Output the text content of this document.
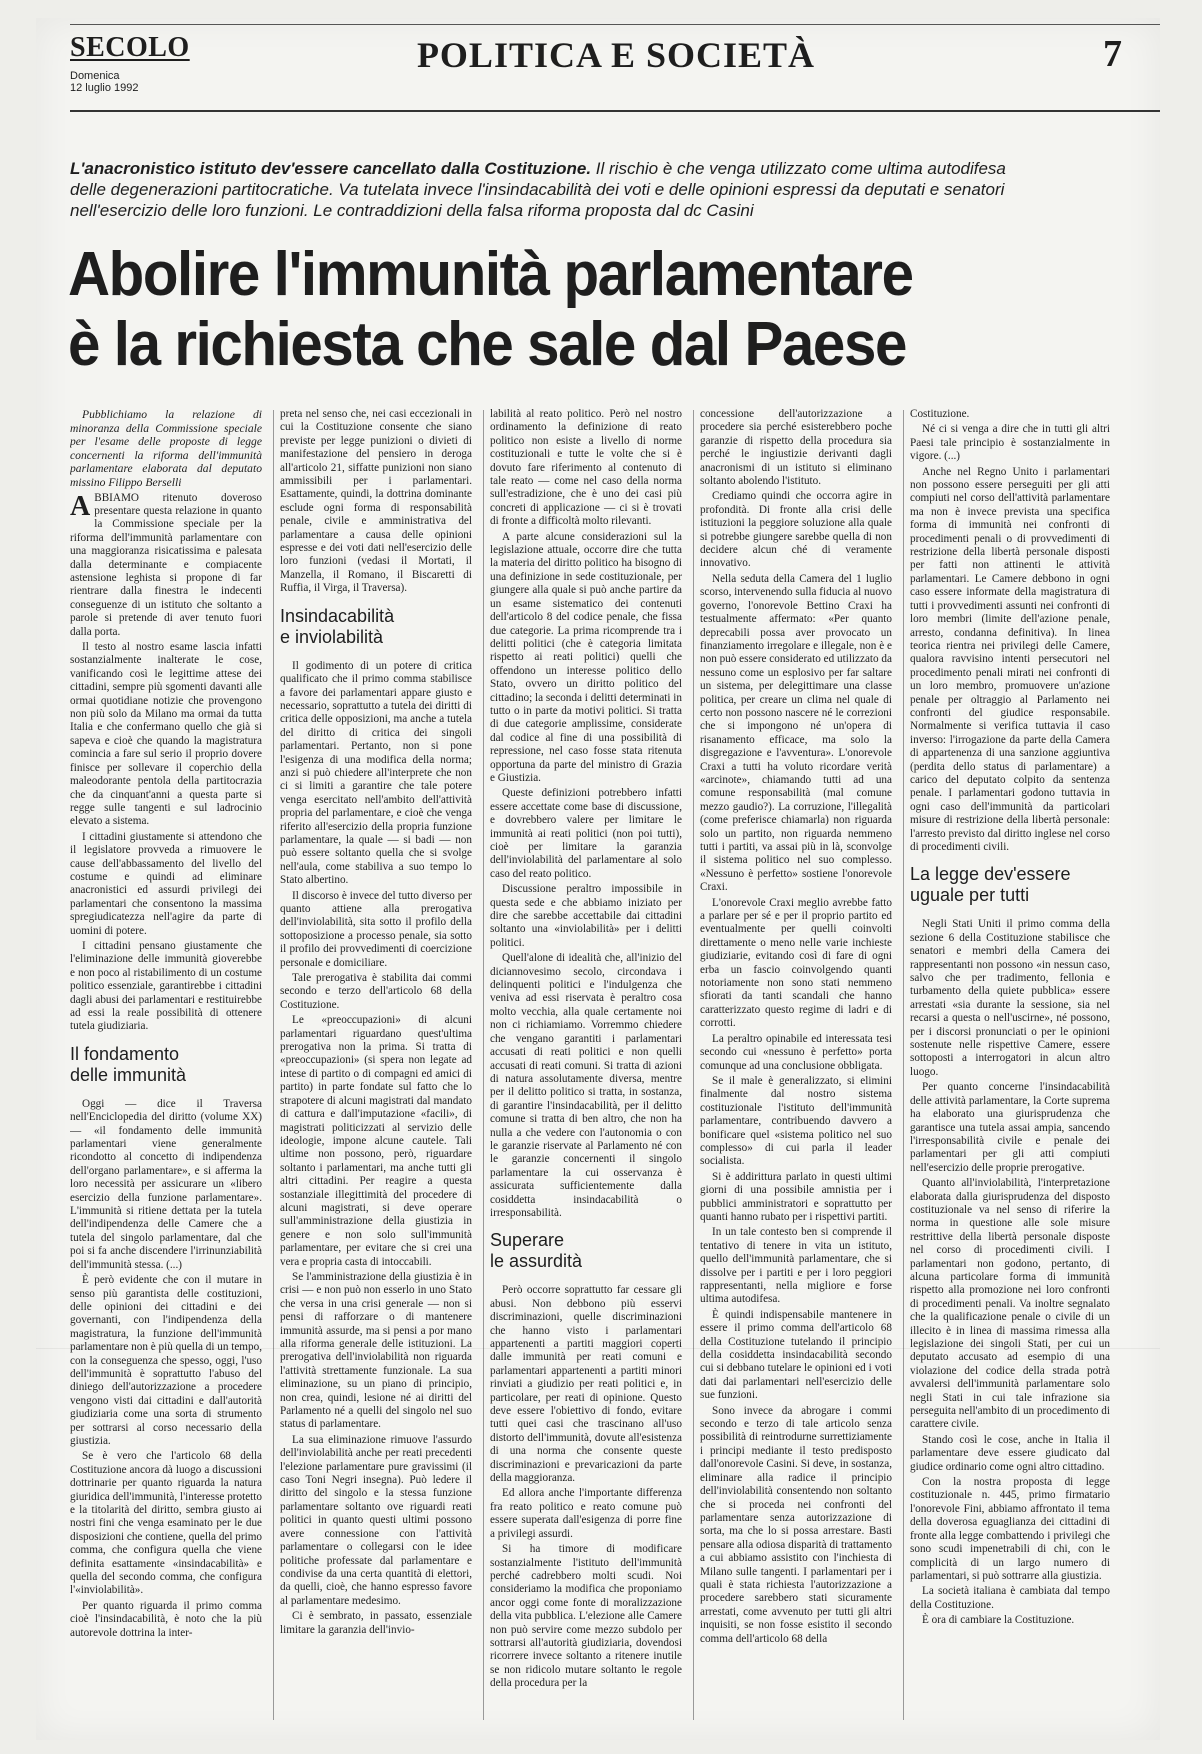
SECOLO
Domenica
12 luglio 1992
POLITICA E SOCIETÀ	7
L'anacronistico istituto dev'essere cancellato dalla Costituzione. Il rischio è che venga utilizzato come ultima autodifesa delle degenerazioni partitocratiche. Va tutelata invece l'insindacabilità dei voti e delle opinioni espressi da deputati e senatori nell'esercizio delle loro funzioni. Le contraddizioni della falsa riforma proposta dal dc Casini
Abolire l'immunità parlamentare
è la richiesta che sale dal Paese

Pubblichiamo la relazione di minoranza della Commissione speciale per l'esame delle proposte di legge concernenti la riforma dell'immunità parlamentare elaborata dal deputato missino Filippo Berselli

ABBIAMO ritenuto doveroso presentare questa relazione in quanto la Commissione speciale per la riforma dell'immunità parlamentare con una maggioranza risicatissima e palesata dalla determinante e compiacente astensione leghista si propone di far rientrare dalla finestra le indecenti conseguenze di un istituto che soltanto a parole si pretende di aver tenuto fuori dalla porta.

Il testo al nostro esame lascia infatti sostanzialmente inalterate le cose, vanificando così le legittime attese dei cittadini, sempre più sgomenti davanti alle ormai quotidiane notizie che provengono non più solo da Milano ma ormai da tutta Italia e che confermano quello che già si sapeva e cioè che quando la magistratura comincia a fare sul serio il proprio dovere finisce per sollevare il coperchio della maleodorante pentola della partitocrazia che da cinquant'anni a questa parte si regge sulle tangenti e sul ladrocinio elevato a sistema.

I cittadini giustamente si attendono che il legislatore provveda a rimuovere le cause dell'abbassamento del livello del costume e quindi ad eliminare anacronistici ed assurdi privilegi dei parlamentari che consentono la massima spregiudicatezza nell'agire da parte di uomini di potere.

I cittadini pensano giustamente che l'eliminazione delle immunità gioverebbe e non poco al ristabilimento di un costume politico essenziale, garantirebbe i cittadini dagli abusi dei parlamentari e restituirebbe ad essi la reale possibilità di ottenere tutela giudiziaria.

Il fondamento
delle immunità

Oggi — dice il Traversa nell'Enciclopedia del diritto (volume XX) — «il fondamento delle immunità parlamentari viene generalmente ricondotto al concetto di indipendenza dell'organo parlamentare», e si afferma la loro necessità per assicurare un «libero esercizio della funzione parlamentare». L'immunità si ritiene dettata per la tutela dell'indipendenza delle Camere che a tutela del singolo parlamentare, dal che poi si fa anche discendere l'irrinunziabilità dell'immunità stessa. (...)

È però evidente che con il mutare in senso più garantista delle costituzioni, delle opinioni dei cittadini e dei governanti, con l'indipendenza della magistratura, la funzione dell'immunità parlamentare non è più quella di un tempo, con la conseguenza che spesso, oggi, l'uso dell'immunità è soprattutto l'abuso del diniego dell'autorizzazione a procedere vengono visti dai cittadini e dall'autorità giudiziaria come una sorta di strumento per sottrarsi al corso necessario della giustizia.

Se è vero che l'articolo 68 della Costituzione ancora dà luogo a discussioni dottrinarie per quanto riguarda la natura giuridica dell'immunità, l'interesse protetto e la titolarità del diritto, sembra giusto ai nostri fini che venga esaminato per le due disposizioni che contiene, quella del primo comma, che configura quella che viene definita esattamente «insindacabilità» e quella del secondo comma, che configura l'«inviolabilità».

Per quanto riguarda il primo comma cioè l'insindacabilità, è noto che la più autorevole dottrina la inter-

preta nel senso che, nei casi eccezionali in cui la Costituzione consente che siano previste per legge punizioni o divieti di manifestazione del pensiero in deroga all'articolo 21, siffatte punizioni non siano ammissibili per i parlamentari. Esattamente, quindi, la dottrina dominante esclude ogni forma di responsabilità penale, civile e amministrativa del parlamentare a causa delle opinioni espresse e dei voti dati nell'esercizio delle loro funzioni (vedasi il Mortati, il Manzella, il Romano, il Biscaretti di Ruffia, il Virga, il Traversa).

Insindacabilità
e inviolabilità

Il godimento di un potere di critica qualificato che il primo comma stabilisce a favore dei parlamentari appare giusto e necessario, soprattutto a tutela dei diritti di critica delle opposizioni, ma anche a tutela del diritto di critica dei singoli parlamentari. Pertanto, non si pone l'esigenza di una modifica della norma; anzi si può chiedere all'interprete che non ci si limiti a garantire che tale potere venga esercitato nell'ambito dell'attività propria del parlamentare, e cioè che venga riferito all'esercizio della propria funzione parlamentare, la quale — si badi — non può essere soltanto quella che si svolge nell'aula, come stabiliva a suo tempo lo Stato albertino.

Il discorso è invece del tutto diverso per quanto attiene alla prerogativa dell'inviolabilità, sita sotto il profilo della sottoposizione a processo penale, sia sotto il profilo dei provvedimenti di coercizione personale e domiciliare.

Tale prerogativa è stabilita dai commi secondo e terzo dell'articolo 68 della Costituzione.

Le «preoccupazioni» di alcuni parlamentari riguardano quest'ultima prerogativa non la prima. Si tratta di «preoccupazioni» (si spera non legate ad intese di partito o di compagni ed amici di partito) in parte fondate sul fatto che lo strapotere di alcuni magistrati dal mandato di cattura e dall'imputazione «facili», di magistrati politicizzati al servizio delle ideologie, impone alcune cautele. Tali ultime non possono, però, riguardare soltanto i parlamentari, ma anche tutti gli altri cittadini. Per reagire a questa sostanziale illegittimità del procedere di alcuni magistrati, si deve operare sull'amministrazione della giustizia in genere e non solo sull'immunità parlamentare, per evitare che si crei una vera e propria casta di intoccabili.

Se l'amministrazione della giustizia è in crisi — e non può non esserlo in uno Stato che versa in una crisi generale — non si pensi di rafforzare o di mantenere immunità assurde, ma si pensi a por mano alla riforma generale delle istituzioni. La prerogativa dell'inviolabilità non riguarda l'attività strettamente funzionale. La sua eliminazione, su un piano di principio, non crea, quindi, lesione né ai diritti del Parlamento né a quelli del singolo nel suo status di parlamentare.

La sua eliminazione rimuove l'assurdo dell'inviolabilità anche per reati precedenti l'elezione parlamentare pure gravissimi (il caso Toni Negri insegna). Può ledere il diritto del singolo e la stessa funzione parlamentare soltanto ove riguardi reati politici in quanto questi ultimi possono avere connessione con l'attività parlamentare o collegarsi con le idee politiche professate dal parlamentare e condivise da una certa quantità di elettori, da quelli, cioè, che hanno espresso favore al parlamentare medesimo.

Ci è sembrato, in passato, essenziale limitare la garanzia dell'invio-

labilità al reato politico. Però nel nostro ordinamento la definizione di reato politico non esiste a livello di norme costituzionali e tutte le volte che si è dovuto fare riferimento al contenuto di tale reato — come nel caso della norma sull'estradizione, che è uno dei casi più concreti di applicazione — ci si è trovati di fronte a difficoltà molto rilevanti.

A parte alcune considerazioni sul la legislazione attuale, occorre dire che tutta la materia del diritto politico ha bisogno di una definizione in sede costituzionale, per giungere alla quale si può anche partire da un esame sistematico dei contenuti dell'articolo 8 del codice penale, che fissa due categorie. La prima ricomprende tra i delitti politici (che è categoria limitata rispetto ai reati politici) quelli che offendono un interesse politico dello Stato, ovvero un diritto politico del cittadino; la seconda i delitti determinati in tutto o in parte da motivi politici. Si tratta di due categorie amplissime, considerate dal codice al fine di una possibilità di repressione, nel caso fosse stata ritenuta opportuna da parte del ministro di Grazia e Giustizia.

Queste definizioni potrebbero infatti essere accettate come base di discussione, e dovrebbero valere per limitare le immunità ai reati politici (non poi tutti), cioè per limitare la garanzia dell'inviolabilità del parlamentare al solo caso del reato politico.

Discussione peraltro impossibile in questa sede e che abbiamo iniziato per dire che sarebbe accettabile dai cittadini soltanto una «inviolabilità» per i delitti politici.

Quell'alone di idealità che, all'inizio del diciannovesimo secolo, circondava i delinquenti politici e l'indulgenza che veniva ad essi riservata è peraltro cosa molto vecchia, alla quale certamente noi non ci richiamiamo. Vorremmo chiedere che vengano garantiti i parlamentari accusati di reati politici e non quelli accusati di reati comuni. Si tratta di azioni di natura assolutamente diversa, mentre per il delitto politico si tratta, in sostanza, di garantire l'insindacabilità, per il delitto comune si tratta di ben altro, che non ha nulla a che vedere con l'autonomia o con le garanzie riservate al Parlamento né con le garanzie concernenti il singolo parlamentare la cui osservanza è assicurata sufficientemente dalla cosiddetta insindacabilità o irresponsabilità.

Superare
le assurdità

Però occorre soprattutto far cessare gli abusi. Non debbono più esservi discriminazioni, quelle discriminazioni che hanno visto i parlamentari appartenenti a partiti maggiori coperti dalle immunità per reati comuni e parlamentari appartenenti a partiti minori rinviati a giudizio per reati politici e, in particolare, per reati di opinione. Questo deve essere l'obiettivo di fondo, evitare tutti quei casi che trascinano all'uso distorto dell'immunità, dovute all'esistenza di una norma che consente queste discriminazioni e prevaricazioni da parte della maggioranza.

Ed allora anche l'importante differenza fra reato politico e reato comune può essere superata dall'esigenza di porre fine a privilegi assurdi.

Si ha timore di modificare sostanzialmente l'istituto dell'immunità perché cadrebbero molti scudi. Noi consideriamo la modifica che proponiamo ancor oggi come fonte di moralizzazione della vita pubblica. L'elezione alle Camere non può servire come mezzo subdolo per sottrarsi all'autorità giudiziaria, dovendosi ricorrere invece soltanto a ritenere inutile se non ridicolo mutare soltanto le regole della procedura per la

concessione dell'autorizzazione a procedere sia perché esisterebbero poche garanzie di rispetto della procedura sia perché le ingiustizie derivanti dagli anacronismi di un istituto si eliminano soltanto abolendo l'istituto.

Crediamo quindi che occorra agire in profondità. Di fronte alla crisi delle istituzioni la peggiore soluzione alla quale si potrebbe giungere sarebbe quella di non decidere alcun ché di veramente innovativo.

Nella seduta della Camera del 1 luglio scorso, intervenendo sulla fiducia al nuovo governo, l'onorevole Bettino Craxi ha testualmente affermato: «Per quanto deprecabili possa aver provocato un finanziamento irregolare e illegale, non è e non può essere considerato ed utilizzato da nessuno come un esplosivo per far saltare un sistema, per delegittimare una classe politica, per creare un clima nel quale di certo non possono nascere né le correzioni che si impongono né un'opera di risanamento efficace, ma solo la disgregazione e l'avventura». L'onorevole Craxi a tutti ha voluto ricordare verità «arcinote», chiamando tutti ad una comune responsabilità (mal comune mezzo gaudio?). La corruzione, l'illegalità (come preferisce chiamarla) non riguarda solo un partito, non riguarda nemmeno tutti i partiti, va assai più in là, sconvolge il sistema politico nel suo complesso. «Nessuno è perfetto» sostiene l'onorevole Craxi.

L'onorevole Craxi meglio avrebbe fatto a parlare per sé e per il proprio partito ed eventualmente per quelli coinvolti direttamente o meno nelle varie inchieste giudiziarie, evitando così di fare di ogni erba un fascio coinvolgendo quanti notoriamente non sono stati nemmeno sfiorati da tanti scandali che hanno caratterizzato questo regime di ladri e di corrotti.

La peraltro opinabile ed interessata tesi secondo cui «nessuno è perfetto» porta comunque ad una conclusione obbligata.

Se il male è generalizzato, si elimini finalmente dal nostro sistema costituzionale l'istituto dell'immunità parlamentare, contribuendo davvero a bonificare quel «sistema politico nel suo complesso» di cui parla il leader socialista.

Si è addirittura parlato in questi ultimi giorni di una possibile amnistia per i pubblici amministratori e soprattutto per quanti hanno rubato per i rispettivi partiti.

In un tale contesto ben si comprende il tentativo di tenere in vita un istituto, quello dell'immunità parlamentare, che si dissolve per i partiti e per i loro peggiori rappresentanti, nella migliore e forse ultima autodifesa.

È quindi indispensabile mantenere in essere il primo comma dell'articolo 68 della Costituzione tutelando il principio della cosiddetta insindacabilità secondo cui si debbano tutelare le opinioni ed i voti dati dai parlamentari nell'esercizio delle sue funzioni.

Sono invece da abrogare i commi secondo e terzo di tale articolo senza possibilità di reintrodurne surrettiziamente i principi mediante il testo predisposto dall'onorevole Casini. Si deve, in sostanza, eliminare alla radice il principio dell'inviolabilità consentendo non soltanto che si proceda nei confronti del parlamentare senza autorizzazione di sorta, ma che lo si possa arrestare. Basti pensare alla odiosa disparità di trattamento a cui abbiamo assistito con l'inchiesta di Milano sulle tangenti. I parlamentari per i quali è stata richiesta l'autorizzazione a procedere sarebbero stati sicuramente arrestati, come avvenuto per tutti gli altri inquisiti, se non fosse esistito il secondo comma dell'articolo 68 della

Costituzione.

Né ci si venga a dire che in tutti gli altri Paesi tale principio è sostanzialmente in vigore. (...)

Anche nel Regno Unito i parlamentari non possono essere perseguiti per gli atti compiuti nel corso dell'attività parlamentare ma non è invece prevista una specifica forma di immunità nei confronti di procedimenti penali o di provvedimenti di restrizione della libertà personale disposti per fatti non attinenti le attività parlamentari. Le Camere debbono in ogni caso essere informate della magistratura di tutti i provvedimenti assunti nei confronti di loro membri (limite dell'azione penale, arresto, condanna definitiva). In linea teorica rientra nei privilegi delle Camere, qualora ravvisino intenti persecutori nel procedimento penali mirati nei confronti di un loro membro, promuovere un'azione penale per oltraggio al Parlamento nei confronti del giudice responsabile. Normalmente si verifica tuttavia il caso inverso: l'irrogazione da parte della Camera di appartenenza di una sanzione aggiuntiva (perdita dello status di parlamentare) a carico del deputato colpito da sentenza penale. I parlamentari godono tuttavia in ogni caso dell'immunità da particolari misure di restrizione della libertà personale: l'arresto previsto dal diritto inglese nel corso di procedimenti civili.

La legge dev'essere
uguale per tutti

Negli Stati Uniti il primo comma della sezione 6 della Costituzione stabilisce che senatori e membri della Camera dei rappresentanti non possono «in nessun caso, salvo che per tradimento, fellonia e turbamento della quiete pubblica» essere arrestati «sia durante la sessione, sia nel recarsi a questa o nell'uscirne», né possono, per i discorsi pronunciati o per le opinioni sostenute nelle rispettive Camere, essere sottoposti a interrogatori in alcun altro luogo.

Per quanto concerne l'insindacabilità delle attività parlamentare, la Corte suprema ha elaborato una giurisprudenza che garantisce una tutela assai ampia, sancendo l'irresponsabilità civile e penale dei parlamentari per gli atti compiuti nell'esercizio delle proprie prerogative.

Quanto all'inviolabilità, l'interpretazione elaborata dalla giurisprudenza del disposto costituzionale va nel senso di riferire la norma in questione alle sole misure restrittive della libertà personale disposte nel corso di procedimenti civili. I parlamentari non godono, pertanto, di alcuna particolare forma di immunità rispetto alla promozione nei loro confronti di procedimenti penali. Va inoltre segnalato che la qualificazione penale o civile di un illecito è in linea di massima rimessa alla legislazione dei singoli Stati, per cui un deputato accusato ad esempio di una violazione del codice della strada potrà avvalersi dell'immunità parlamentare solo negli Stati in cui tale infrazione sia perseguita nell'ambito di un procedimento di carattere civile.

Stando così le cose, anche in Italia il parlamentare deve essere giudicato dal giudice ordinario come ogni altro cittadino.

Con la nostra proposta di legge costituzionale n. 445, primo firmatario l'onorevole Fini, abbiamo affrontato il tema della doverosa eguaglianza dei cittadini di fronte alla legge combattendo i privilegi che sono scudi impenetrabili di chi, con le complicità di un largo numero di parlamentari, si può sottrarre alla giustizia.

La società italiana è cambiata dal tempo della Costituzione.

È ora di cambiare la Costituzione.
